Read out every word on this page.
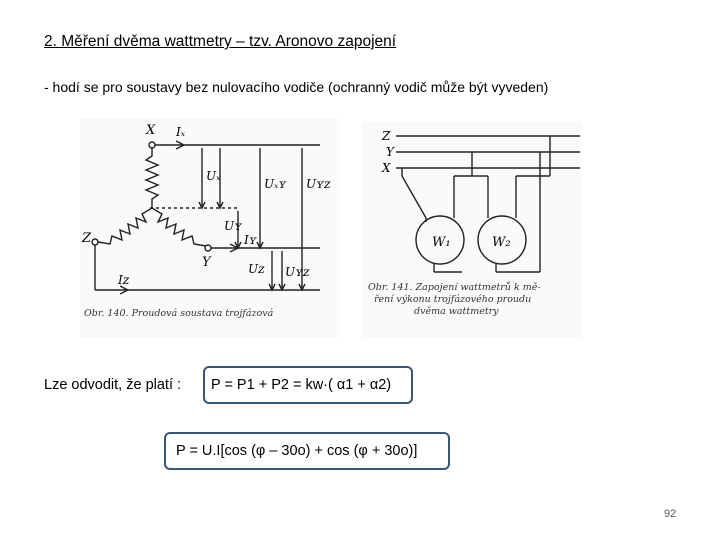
2. Měření dvěma wattmetry – tzv. Aronovo zapojení
- hodí se pro soustavy bez nulovacího vodiče (ochranný vodič může být vyveden)
X Iₓ
Uₓ
Uₓʏ Uʏᴢ
Uʏ
Iʏ
Z
Y	Uᴢ Uʏᴢ
Iᴢ
Obr. 140. Proudová soustava trojfázová
Z
Y
X
W₁	W₂
Obr. 141. Zapojení wattmetrů k mě-
ření výkonu trojfázového proudu
dvěma wattmetry
Lze odvodit, že platí : P = P1 + P2 = kw·( α1 + α2)
P = U.I[cos (φ – 30o) + cos (φ + 30o)]
92
